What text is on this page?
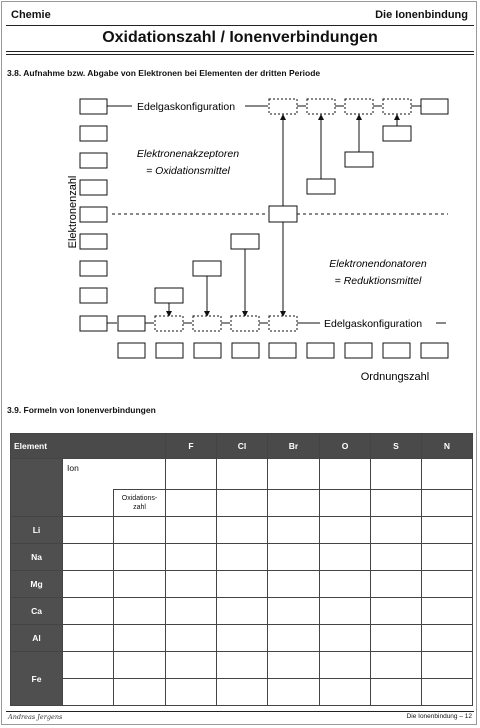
Chemie	Die Ionenbindung
Oxidationszahl / Ionenverbindungen
3.8. Aufnahme bzw. Abgabe von Elektronen bei Elementen der dritten Periode
Elektronenzahl
Edelgaskonfiguration
Elektronenakzeptoren
= Oxidationsmittel
Elektronendonatoren
= Reduktionsmittel
Edelgaskonfiguration
Ordnungszahl
3.9. Formeln von Ionenverbindungen
Element			F	Cl	Br	O	S	N
	Ion							
		Oxidations-
zahl						
Li								
Na								
Mg								
Ca								
Al								
Fe								

Andreas Jergens	Die Ionenbindung – 12
